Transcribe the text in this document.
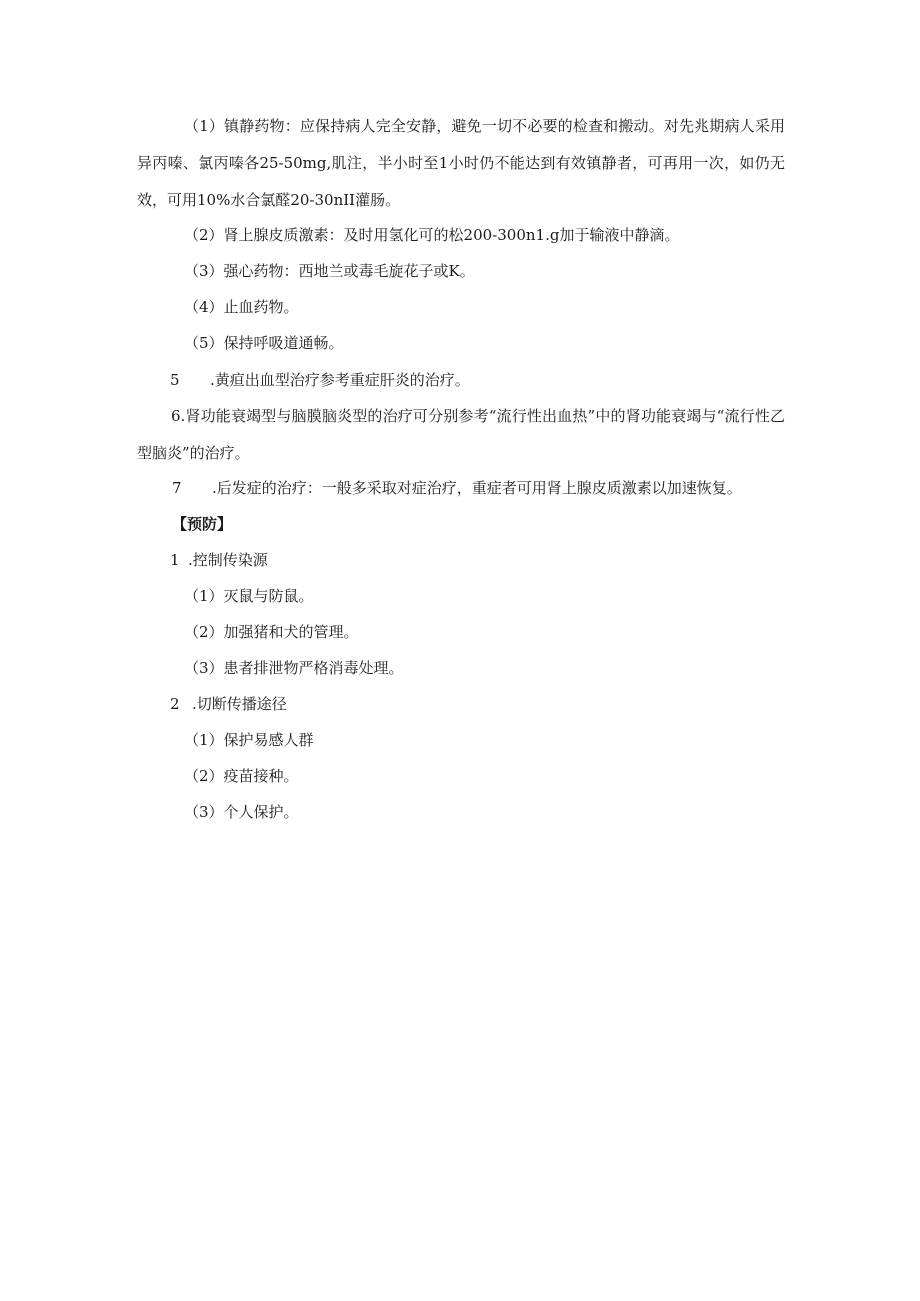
（1）镇静药物：应保持病人完全安静，避免一切不必要的检查和搬动。对先兆期病人采用异丙嗪、氯丙嗪各25-50mg,肌注，半小时至1小时仍不能达到有效镇静者，可再用一次，如仍无效，可用10%水合氯醛20-30nII灌肠。

（2）肾上腺皮质激素：及时用氢化可的松200-300n1.g加于输液中静滴。

（3）强心药物：西地兰或毒毛旋花子或K。

（4）止血药物。

（5）保持呼吸道通畅。

5 .黄疸出血型治疗参考重症肝炎的治疗。

6.肾功能衰竭型与脑膜脑炎型的治疗可分别参考“流行性出血热”中的肾功能衰竭与“流行性乙型脑炎”的治疗。

7 .后发症的治疗：一般多采取对症治疗，重症者可用肾上腺皮质激素以加速恢复。

【预防】

1 .控制传染源

（1）灭鼠与防鼠。

（2）加强猪和犬的管理。

（3）患者排泄物严格消毒处理。

2 .切断传播途径

（1）保护易感人群

（2）疫苗接种。

（3）个人保护。
